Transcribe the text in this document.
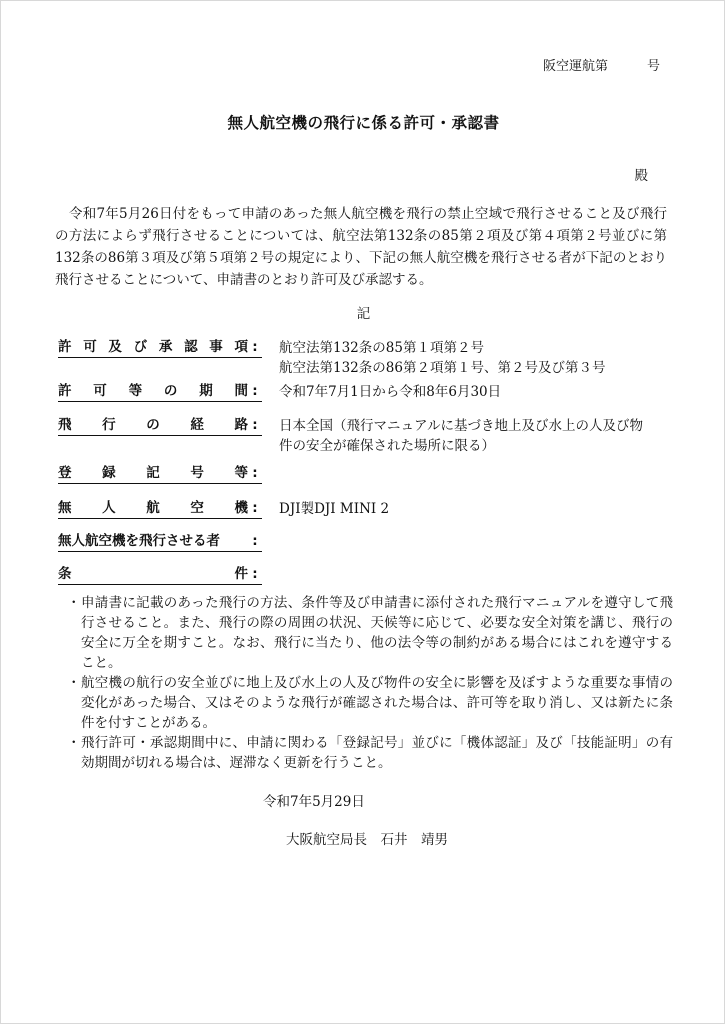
阪空運航第　　　号
無人航空機の飛行に係る許可・承認書
殿

令和7年5月26日付をもって申請のあった無人航空機を飛行の禁止空域で飛行させること及び飛行の方法によらず飛行させることについては、航空法第132条の85第２項及び第４項第２号並びに第132条の86第３項及び第５項第２号の規定により、下記の無人航空機を飛行させる者が下記のとおり飛行させることについて、申請書のとおり許可及び承認する。

記
許可及び承認事項 :	航空法第132条の85第１項第２号
航空法第132条の86第２項第１号、第２号及び第３号
許可等の期間 :	令和7年7月1日から令和8年6月30日
飛行の経路 :	日本全国（飛行マニュアルに基づき地上及び水上の人及び物
件の安全が確保された場所に限る）
登録記号等 :
無人航空機 :	DJI製DJI MINI 2
無人航空機を飛行させる者	:
条件 :
・ 申請書に記載のあった飛行の方法、条件等及び申請書に添付された飛行マニュアルを遵守して飛行させること。また、飛行の際の周囲の状況、天候等に応じて、必要な安全対策を講じ、飛行の安全に万全を期すこと。なお、飛行に当たり、他の法令等の制約がある場合にはこれを遵守すること。
・ 航空機の航行の安全並びに地上及び水上の人及び物件の安全に影響を及ぼすような重要な事情の変化があった場合、又はそのような飛行が確認された場合は、許可等を取り消し、又は新たに条件を付すことがある。
・ 飛行許可・承認期間中に、申請に関わる「登録記号」並びに「機体認証」及び「技能証明」の有効期間が切れる場合は、遅滞なく更新を行うこと。
令和7年5月29日
大阪航空局長　石井　靖男
